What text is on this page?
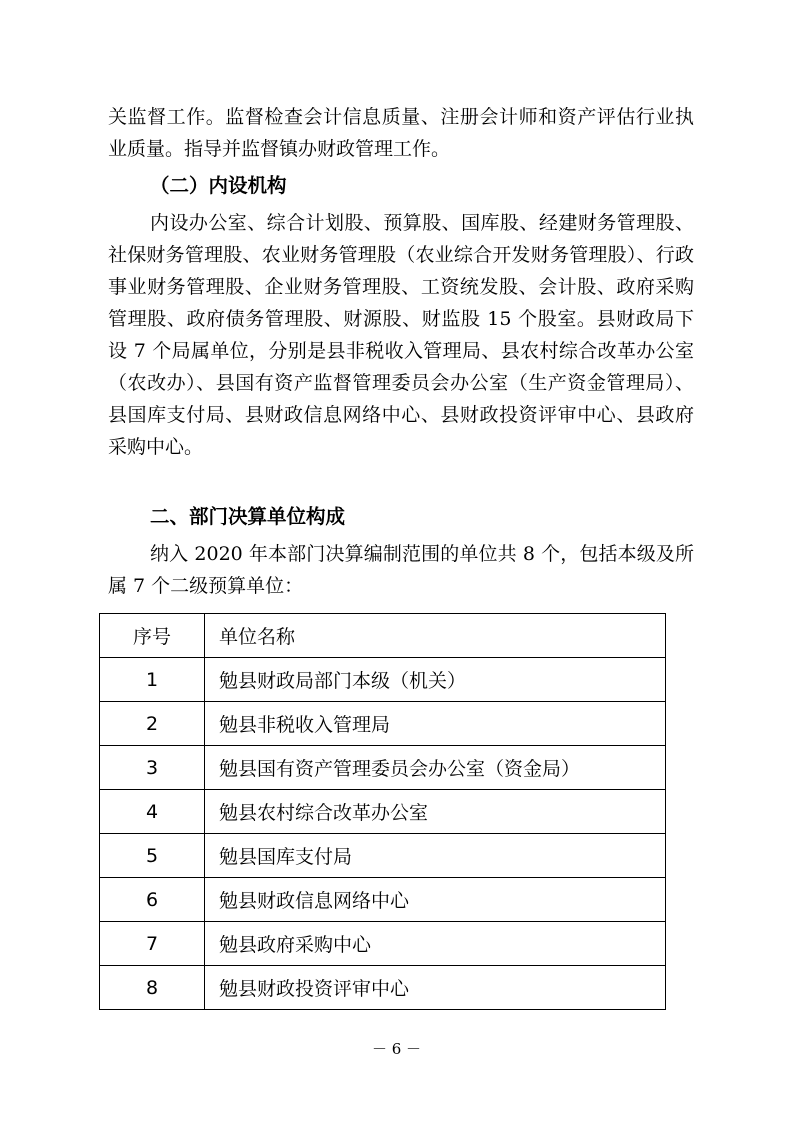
关监督工作。监督检查会计信息质量、注册会计师和资产评估行业执业质量。指导并监督镇办财政管理工作。

（二）内设机构

内设办公室、综合计划股、预算股、国库股、经建财务管理股、社保财务管理股、农业财务管理股（农业综合开发财务管理股）、行政事业财务管理股、企业财务管理股、工资统发股、会计股、政府采购管理股、政府债务管理股、财源股、财监股 15 个股室。县财政局下设 7 个局属单位，分别是县非税收入管理局、县农村综合改革办公室（农改办）、县国有资产监督管理委员会办公室（生产资金管理局）、县国库支付局、县财政信息网络中心、县财政投资评审中心、县政府采购中心。

二、部门决算单位构成

纳入 2020 年本部门决算编制范围的单位共 8 个，包括本级及所属 7 个二级预算单位：

序号	单位名称
1	勉县财政局部门本级（机关）
2	勉县非税收入管理局
3	勉县国有资产管理委员会办公室（资金局）
4	勉县农村综合改革办公室
5	勉县国库支付局
6	勉县财政信息网络中心
7	勉县政府采购中心
8	勉县财政投资评审中心
－ 6 －
